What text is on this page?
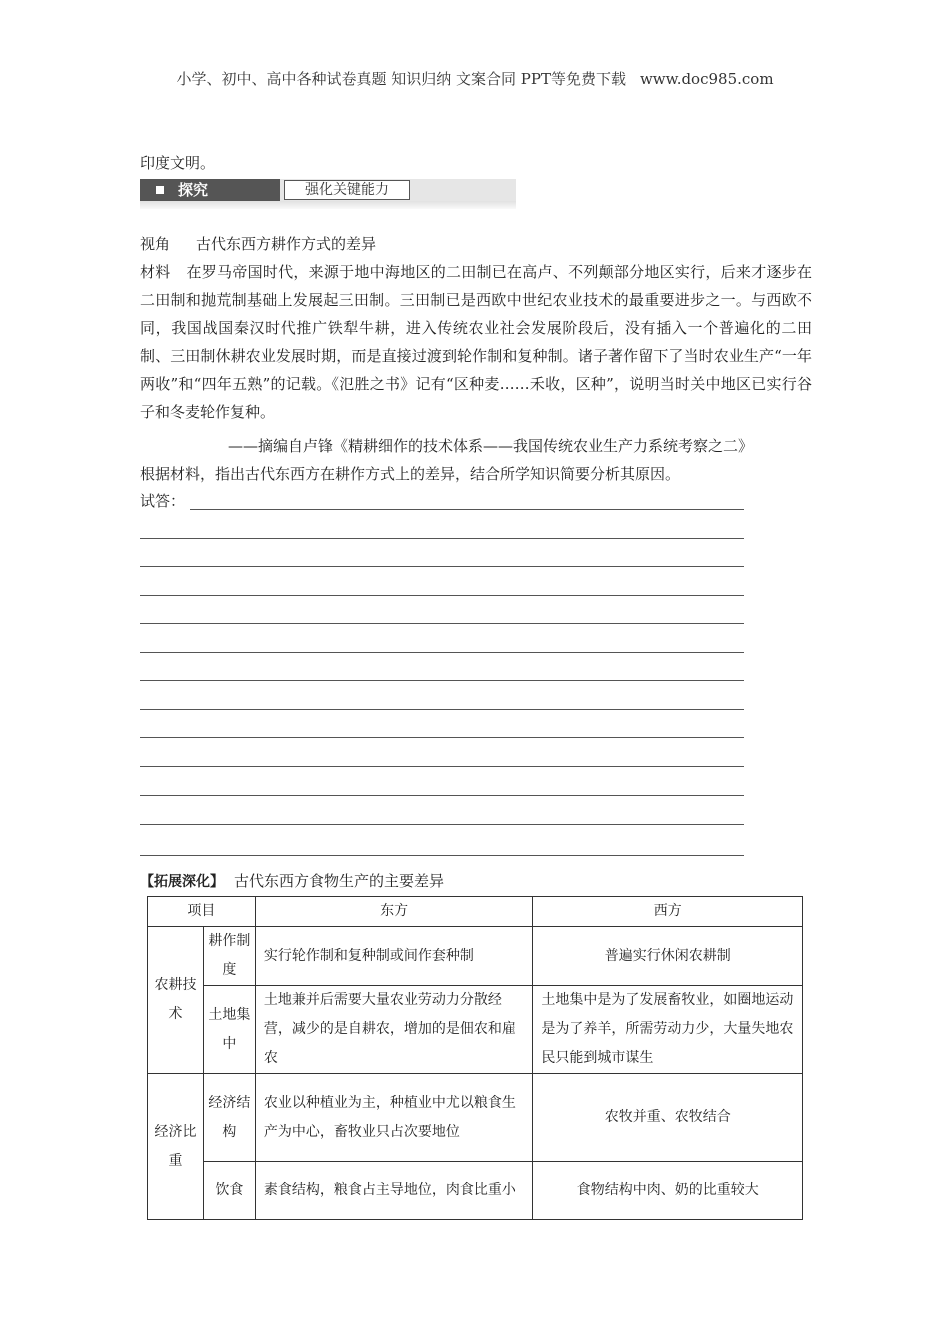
小学、初中、高中各种试卷真题 知识归纳 文案合同 PPT等免费下载 www.doc985.com
印度文明。
探究	强化关键能力
视角 古代东西方耕作方式的差异
材料 在罗马帝国时代，来源于地中海地区的二田制已在高卢、不列颠部分地区实行，后来才逐步在二田制和抛荒制基础上发展起三田制。三田制已是西欧中世纪农业技术的最重要进步之一。与西欧不同，我国战国秦汉时代推广铁犁牛耕，进入传统农业社会发展阶段后，没有插入一个普遍化的二田制、三田制休耕农业发展时期，而是直接过渡到轮作制和复种制。诸子著作留下了当时农业生产“一年两收”和“四年五熟”的记载。《氾胜之书》记有“区种麦……禾收，区种”，说明当时关中地区已实行谷子和冬麦轮作复种。
——摘编自卢锋《精耕细作的技术体系——我国传统农业生产力系统考察之二》
根据材料，指出古代东西方在耕作方式上的差异，结合所学知识简要分析其原因。
试答：
【拓展深化】 古代东西方食物生产的主要差异
项目		东方	西方
农耕技术	耕作制度	实行轮作制和复种制或间作套种制	普遍实行休闲农耕制
	土地集中	土地兼并后需要大量农业劳动力分散经营，减少的是自耕农，增加的是佃农和雇农	土地集中是为了发展畜牧业，如圈地运动是为了养羊，所需劳动力少，大量失地农民只能到城市谋生
经济比重	经济结构	农业以种植业为主，种植业中尤以粮食生产为中心，畜牧业只占次要地位	农牧并重、农牧结合
	饮食	素食结构，粮食占主导地位，肉食比重小	食物结构中肉、奶的比重较大
